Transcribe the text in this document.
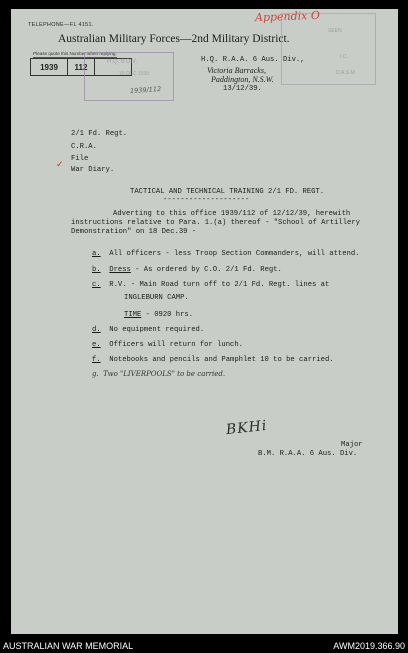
TELEPHONE—FL 4151.
Australian Military Forces—2nd Military District.
Please quote this Number when replying.
1939	112
H.Q. 6 DIV.
15 DEC 1939
SEEN
I.O.
D.A.S.M.
Appendix O
1939/112
H.Q. R.A.A. 6 Aus. Div.,
Victoria Barracks,
Paddington, N.S.W.
13/12/39.
2/1 Fd. Regt.
C.R.A.
File
✓ War Diary.
TACTICAL AND TECHNICAL TRAINING 2/1 FD. REGT.
--------------------
Adverting to this office 1939/112 of 12/12/39, herewith
instructions relative to Para. 1.(a) thereof - "School of Artillery
Demonstration" on 18 Dec.39 -
a. All officers - less Troop Section Commanders, will attend.
b. Dress - As ordered by C.O. 2/1 Fd. Regt.
c. R.V. - Main Road turn off to 2/1 Fd. Regt. lines at
INGLEBURN CAMP.
TIME - 0920 hrs.
d. No equipment required.
e. Officers will return for lunch.
f. Notebooks and pencils and Pamphlet 10 to be carried.
g. Two "LIVERPOOLS" to be carried.
BKHi
Major
B.M. R.A.A. 6 Aus. Div.
AUSTRALIAN WAR MEMORIAL	AWM2019.366.90
